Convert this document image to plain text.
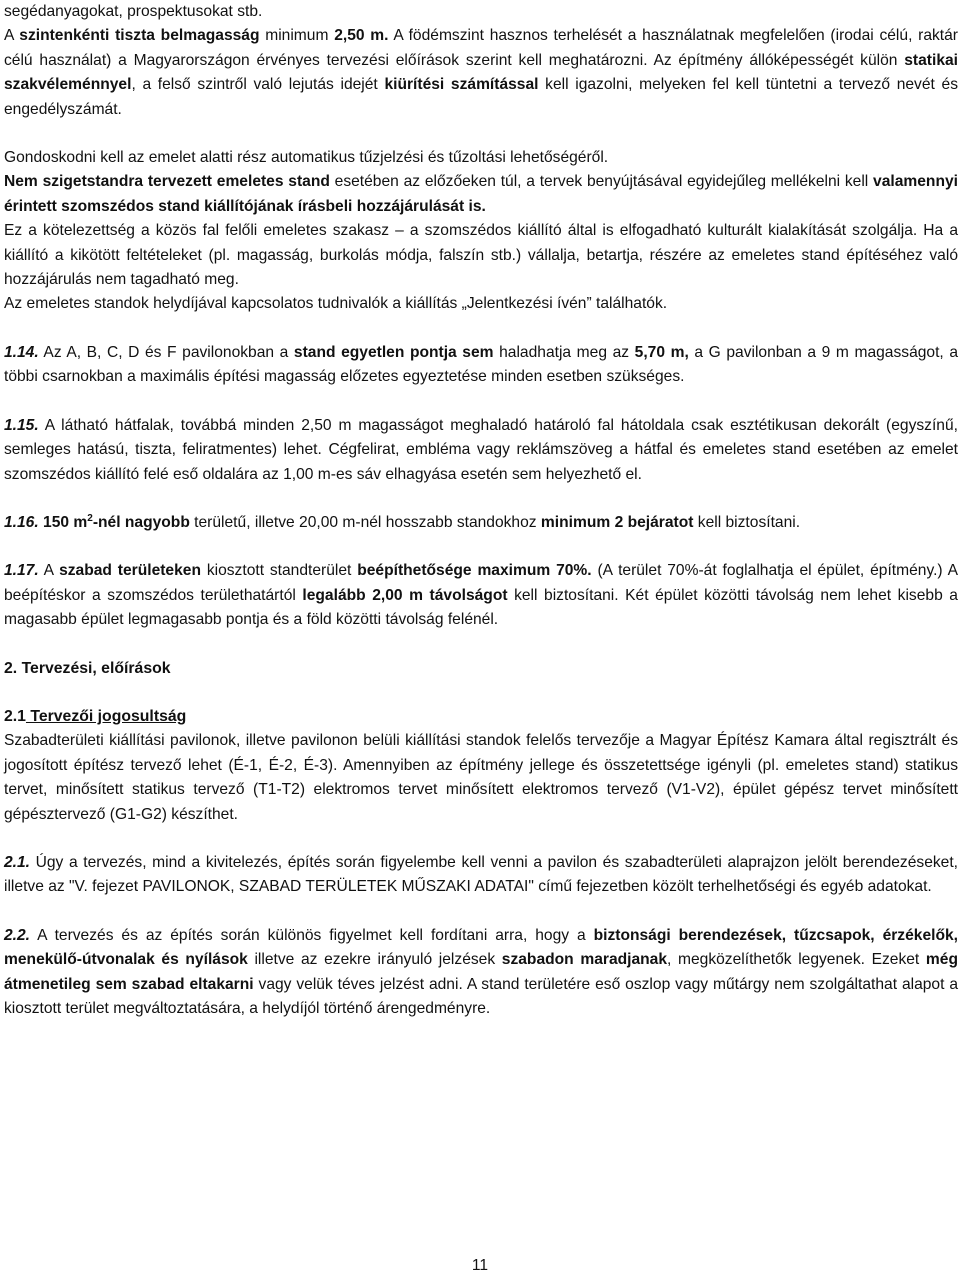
segédanyagokat, prospektusokat stb.

A szintenkénti tiszta belmagasság minimum 2,50 m. A födémszint hasznos terhelését a használatnak megfelelően (irodai célú, raktár célú használat) a Magyarországon érvényes tervezési előírások szerint kell meghatározni. Az építmény állóképességét külön statikai szakvéleménnyel, a felső szintről való lejutás idejét kiürítési számítással kell igazolni, melyeken fel kell tüntetni a tervező nevét és engedélyszámát.

Gondoskodni kell az emelet alatti rész automatikus tűzjelzési és tűzoltási lehetőségéről.

Nem szigetstandra tervezett emeletes stand esetében az előzőeken túl, a tervek benyújtásával egyidejűleg mellékelni kell valamennyi érintett szomszédos stand kiállítójának írásbeli hozzájárulását is.

Ez a kötelezettség a közös fal felőli emeletes szakasz – a szomszédos kiállító által is elfogadható kulturált kialakítását szolgálja. Ha a kiállító a kikötött feltételeket (pl. magasság, burkolás módja, falszín stb.) vállalja, betartja, részére az emeletes stand építéséhez való hozzájárulás nem tagadható meg.

Az emeletes standok helydíjával kapcsolatos tudnivalók a kiállítás „Jelentkezési ívén” találhatók.

1.14. Az A, B, C, D és F pavilonokban a stand egyetlen pontja sem haladhatja meg az 5,70 m, a G pavilonban a 9 m magasságot, a többi csarnokban a maximális építési magasság előzetes egyeztetése minden esetben szükséges.

1.15. A látható hátfalak, továbbá minden 2,50 m magasságot meghaladó határoló fal hátoldala csak esztétikusan dekorált (egyszínű, semleges hatású, tiszta, feliratmentes) lehet. Cégfelirat, embléma vagy reklámszöveg a hátfal és emeletes stand esetében az emelet szomszédos kiállító felé eső oldalára az 1,00 m-es sáv elhagyása esetén sem helyezhető el.

1.16. 150 $m^2$-nél nagyobb területű, illetve 20,00 m-nél hosszabb standokhoz minimum 2 bejáratot kell biztosítani.

1.17. A szabad területeken kiosztott standterület beépíthetősége maximum 70%. (A terület 70%-át foglalhatja el épület, építmény.) A beépítéskor a szomszédos területhatártól legalább 2,00 m távolságot kell biztosítani. Két épület közötti távolság nem lehet kisebb a magasabb épület legmagasabb pontja és a föld közötti távolság felénél.

2. Tervezési, előírások

2.1 Tervezői jogosultság

Szabadterületi kiállítási pavilonok, illetve pavilonon belüli kiállítási standok felelős tervezője a Magyar Építész Kamara által regisztrált és jogosított építész tervező lehet (É-1, É-2, É-3). Amennyiben az építmény jellege és összetettsége igényli (pl. emeletes stand) statikus tervet, minősített statikus tervező (T1-T2) elektromos tervet minősített elektromos tervező (V1-V2), épület gépész tervet minősített gépésztervező (G1-G2) készíthet.

2.1. Úgy a tervezés, mind a kivitelezés, építés során figyelembe kell venni a pavilon és szabadterületi alaprajzon jelölt berendezéseket, illetve az "V. fejezet PAVILONOK, SZABAD TERÜLETEK MŰSZAKI ADATAI" című fejezetben közölt terhelhetőségi és egyéb adatokat.

2.2. A tervezés és az építés során különös figyelmet kell fordítani arra, hogy a biztonsági berendezések, tűzcsapok, érzékelők, menekülő-útvonalak és nyílások illetve az ezekre irányuló jelzések szabadon maradjanak, megközelíthetők legyenek. Ezeket még átmenetileg sem szabad eltakarni vagy velük téves jelzést adni. A stand területére eső oszlop vagy műtárgy nem szolgáltathat alapot a kiosztott terület megváltoztatására, a helydíjól történő árengedményre.

11
